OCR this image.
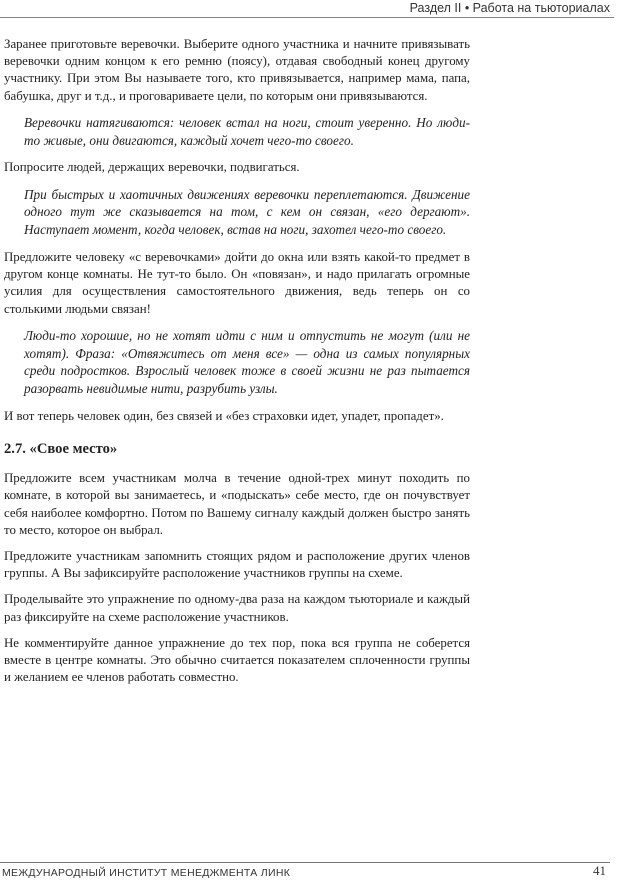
Раздел II • Работа на тьюториалах

Заранее приготовьте веревочки. Выберите одного участника и начните привязывать веревочки одним концом к его ремню (поясу), отдавая свободный конец другому участнику. При этом Вы называете того, кто привязывается, например мама, папа, бабушка, друг и т.д., и проговариваете цели, по которым они привязываются.

Веревочки натягиваются: человек встал на ноги, стоит уверенно. Но люди-то живые, они двигаются, каждый хочет чего-то своего.

Попросите людей, держащих веревочки, подвигаться.

При быстрых и хаотичных движениях веревочки переплетаются. Движение одного тут же сказывается на том, с кем он связан, «его дергают». Наступает момент, когда человек, встав на ноги, захотел чего-то своего.

Предложите человеку «с веревочками» дойти до окна или взять какой-то предмет в другом конце комнаты. Не тут-то было. Он «повязан», и надо прилагать огромные усилия для осуществления самостоятельного движения, ведь теперь он со столькими людьми связан!

Люди-то хорошие, но не хотят идти с ним и отпустить не могут (или не хотят). Фраза: «Отвяжитесь от меня все» — одна из самых популярных среди подростков. Взрослый человек тоже в своей жизни не раз пытается разорвать невидимые нити, разрубить узлы.

И вот теперь человек один, без связей и «без страховки идет, упадет, пропадет».

2.7. «Свое место»

Предложите всем участникам молча в течение одной-трех минут походить по комнате, в которой вы занимаетесь, и «подыскать» себе место, где он почувствует себя наиболее комфортно. Потом по Вашему сигналу каждый должен быстро занять то место, которое он выбрал.

Предложите участникам запомнить стоящих рядом и расположение других членов группы. А Вы зафиксируйте расположение участников группы на схеме.

Проделывайте это упражнение по одному-два раза на каждом тьюториале и каждый раз фиксируйте на схеме расположение участников.

Не комментируйте данное упражнение до тех пор, пока вся группа не соберется вместе в центре комнаты. Это обычно считается показателем сплоченности группы и желанием ее членов работать совместно.

МЕЖДУНАРОДНЫЙ ИНСТИТУТ МЕНЕДЖМЕНТА ЛИНК	41
